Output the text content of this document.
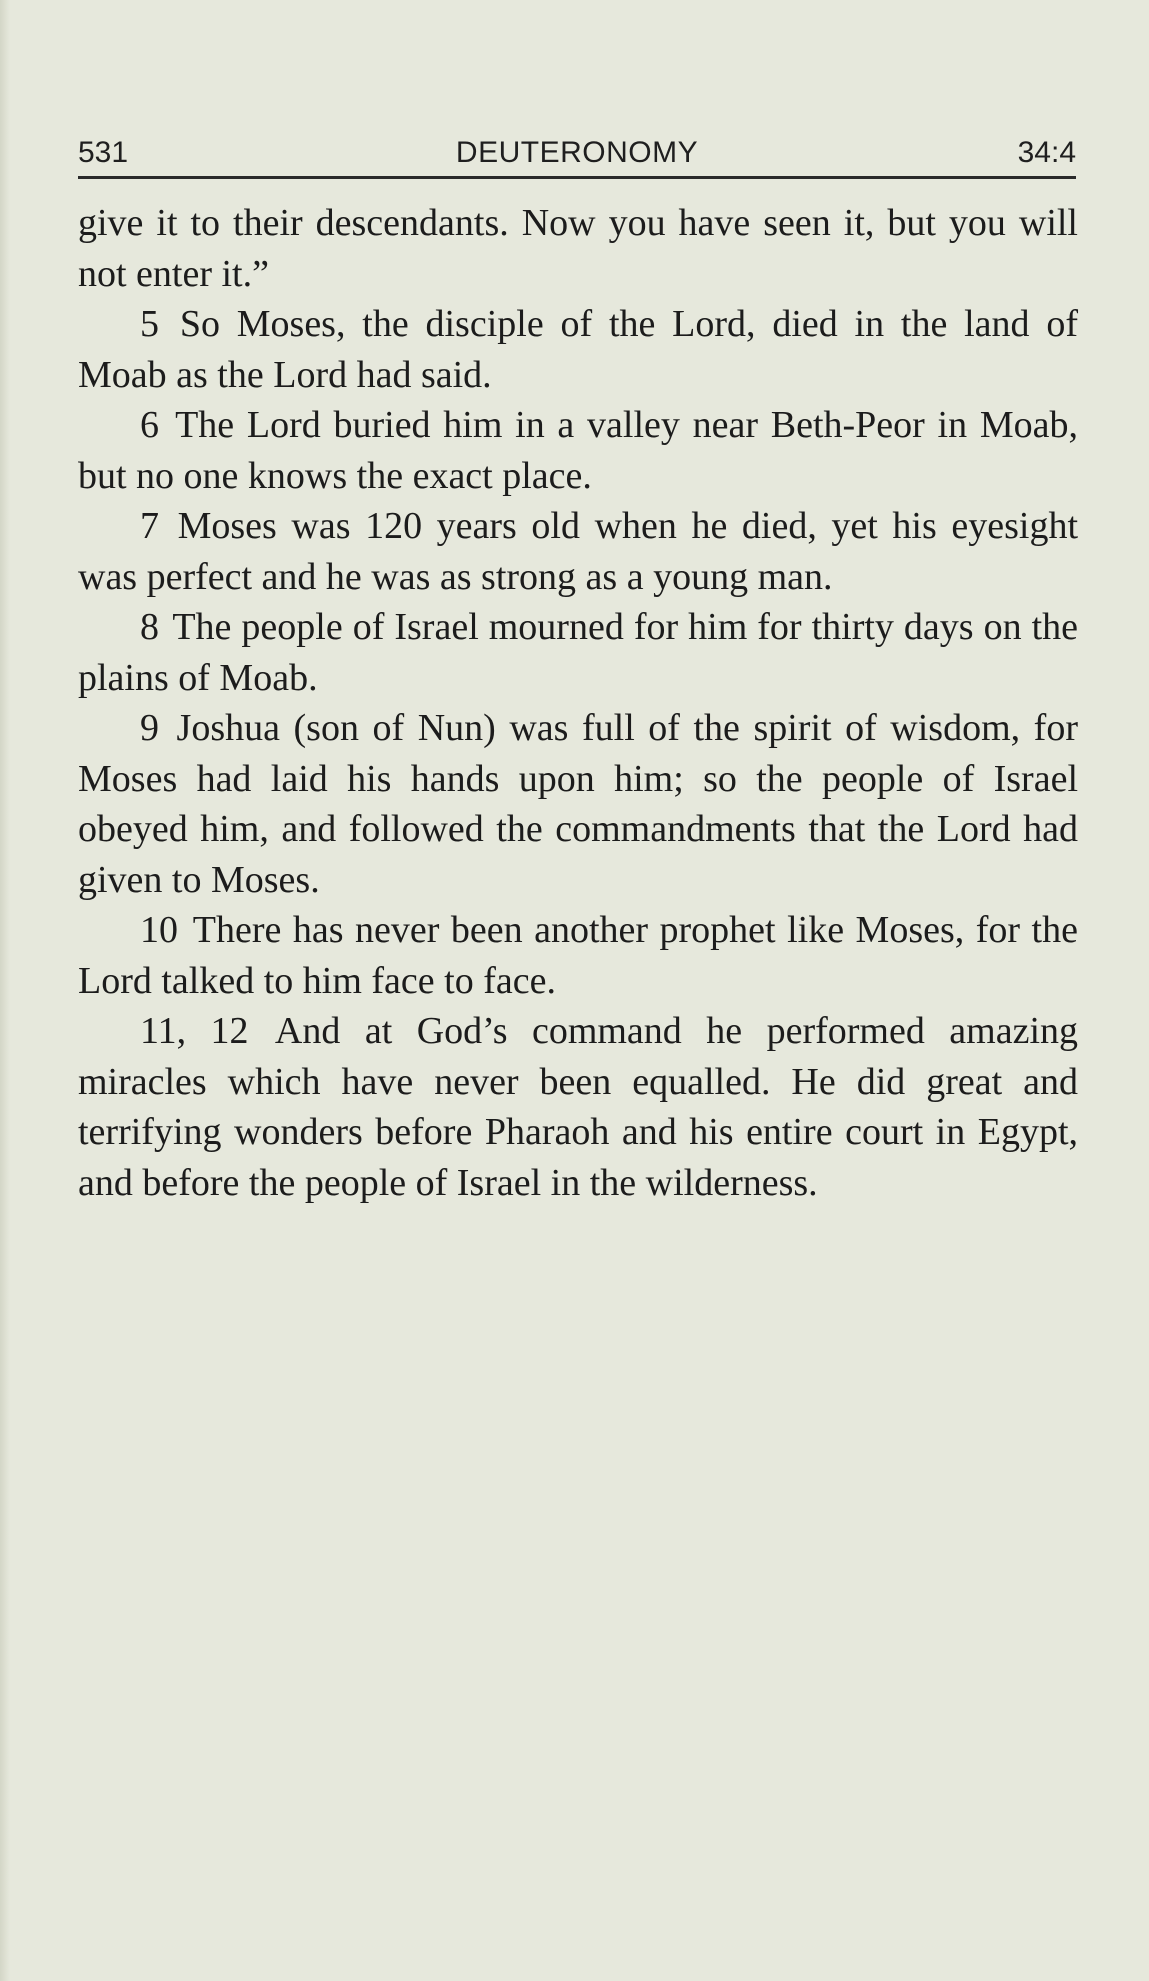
531	DEUTERONOMY	34:4

give it to their descendants. Now you have seen it, but you will not enter it.”

5 So Moses, the disciple of the Lord, died in the land of Moab as the Lord had said.

6 The Lord buried him in a valley near Beth-Peor in Moab, but no one knows the exact place.

7 Moses was 120 years old when he died, yet his eyesight was perfect and he was as strong as a young man.

8 The people of Israel mourned for him for thirty days on the plains of Moab.

9 Joshua (son of Nun) was full of the spirit of wisdom, for Moses had laid his hands upon him; so the people of Israel obeyed him, and followed the commandments that the Lord had given to Moses.

10 There has never been another prophet like Moses, for the Lord talked to him face to face.

11, 12 And at God’s command he performed amazing miracles which have never been equalled. He did great and terrifying wonders before Pharaoh and his entire court in Egypt, and before the people of Israel in the wilderness.
